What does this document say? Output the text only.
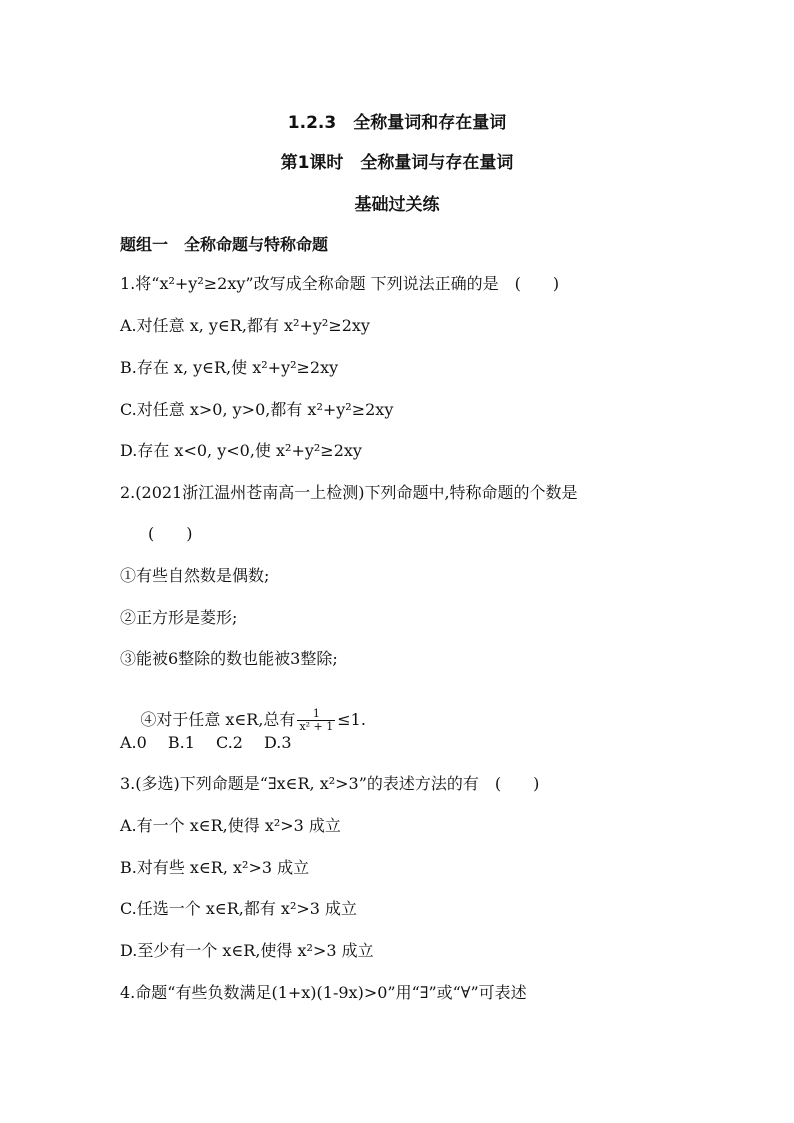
1.2.3　全称量词和存在量词
第1课时　全称量词与存在量词
基础过关练
题组一　全称命题与特称命题
1.将“x²+y²≥2xy”改写成全称命题 下列说法正确的是　(　　)
A.对任意 x, y∈R,都有 x²+y²≥2xy
B.存在 x, y∈R,使 x²+y²≥2xy
C.对任意 x>0, y>0,都有 x²+y²≥2xy
D.存在 x<0, y<0,使 x²+y²≥2xy
2.(2021浙江温州苍南高一上检测)下列命题中,特称命题的个数是
(　　)
①有些自然数是偶数;
②正方形是菱形;
③能被6整除的数也能被3整除;

④对于任意 x∈R,总有 $\frac{1}{\text{x² + 1}} \le 1$.

A.0　 B.1　 C.2　 D.3
3.(多选)下列命题是“∃x∈R, x²>3”的表述方法的有　(　　)
A.有一个 x∈R,使得 x²>3 成立
B.对有些 x∈R, x²>3 成立
C.任选一个 x∈R,都有 x²>3 成立
D.至少有一个 x∈R,使得 x²>3 成立
4.命题“有些负数满足(1+x)(1-9x)>0”用“∃”或“∀”可表述
